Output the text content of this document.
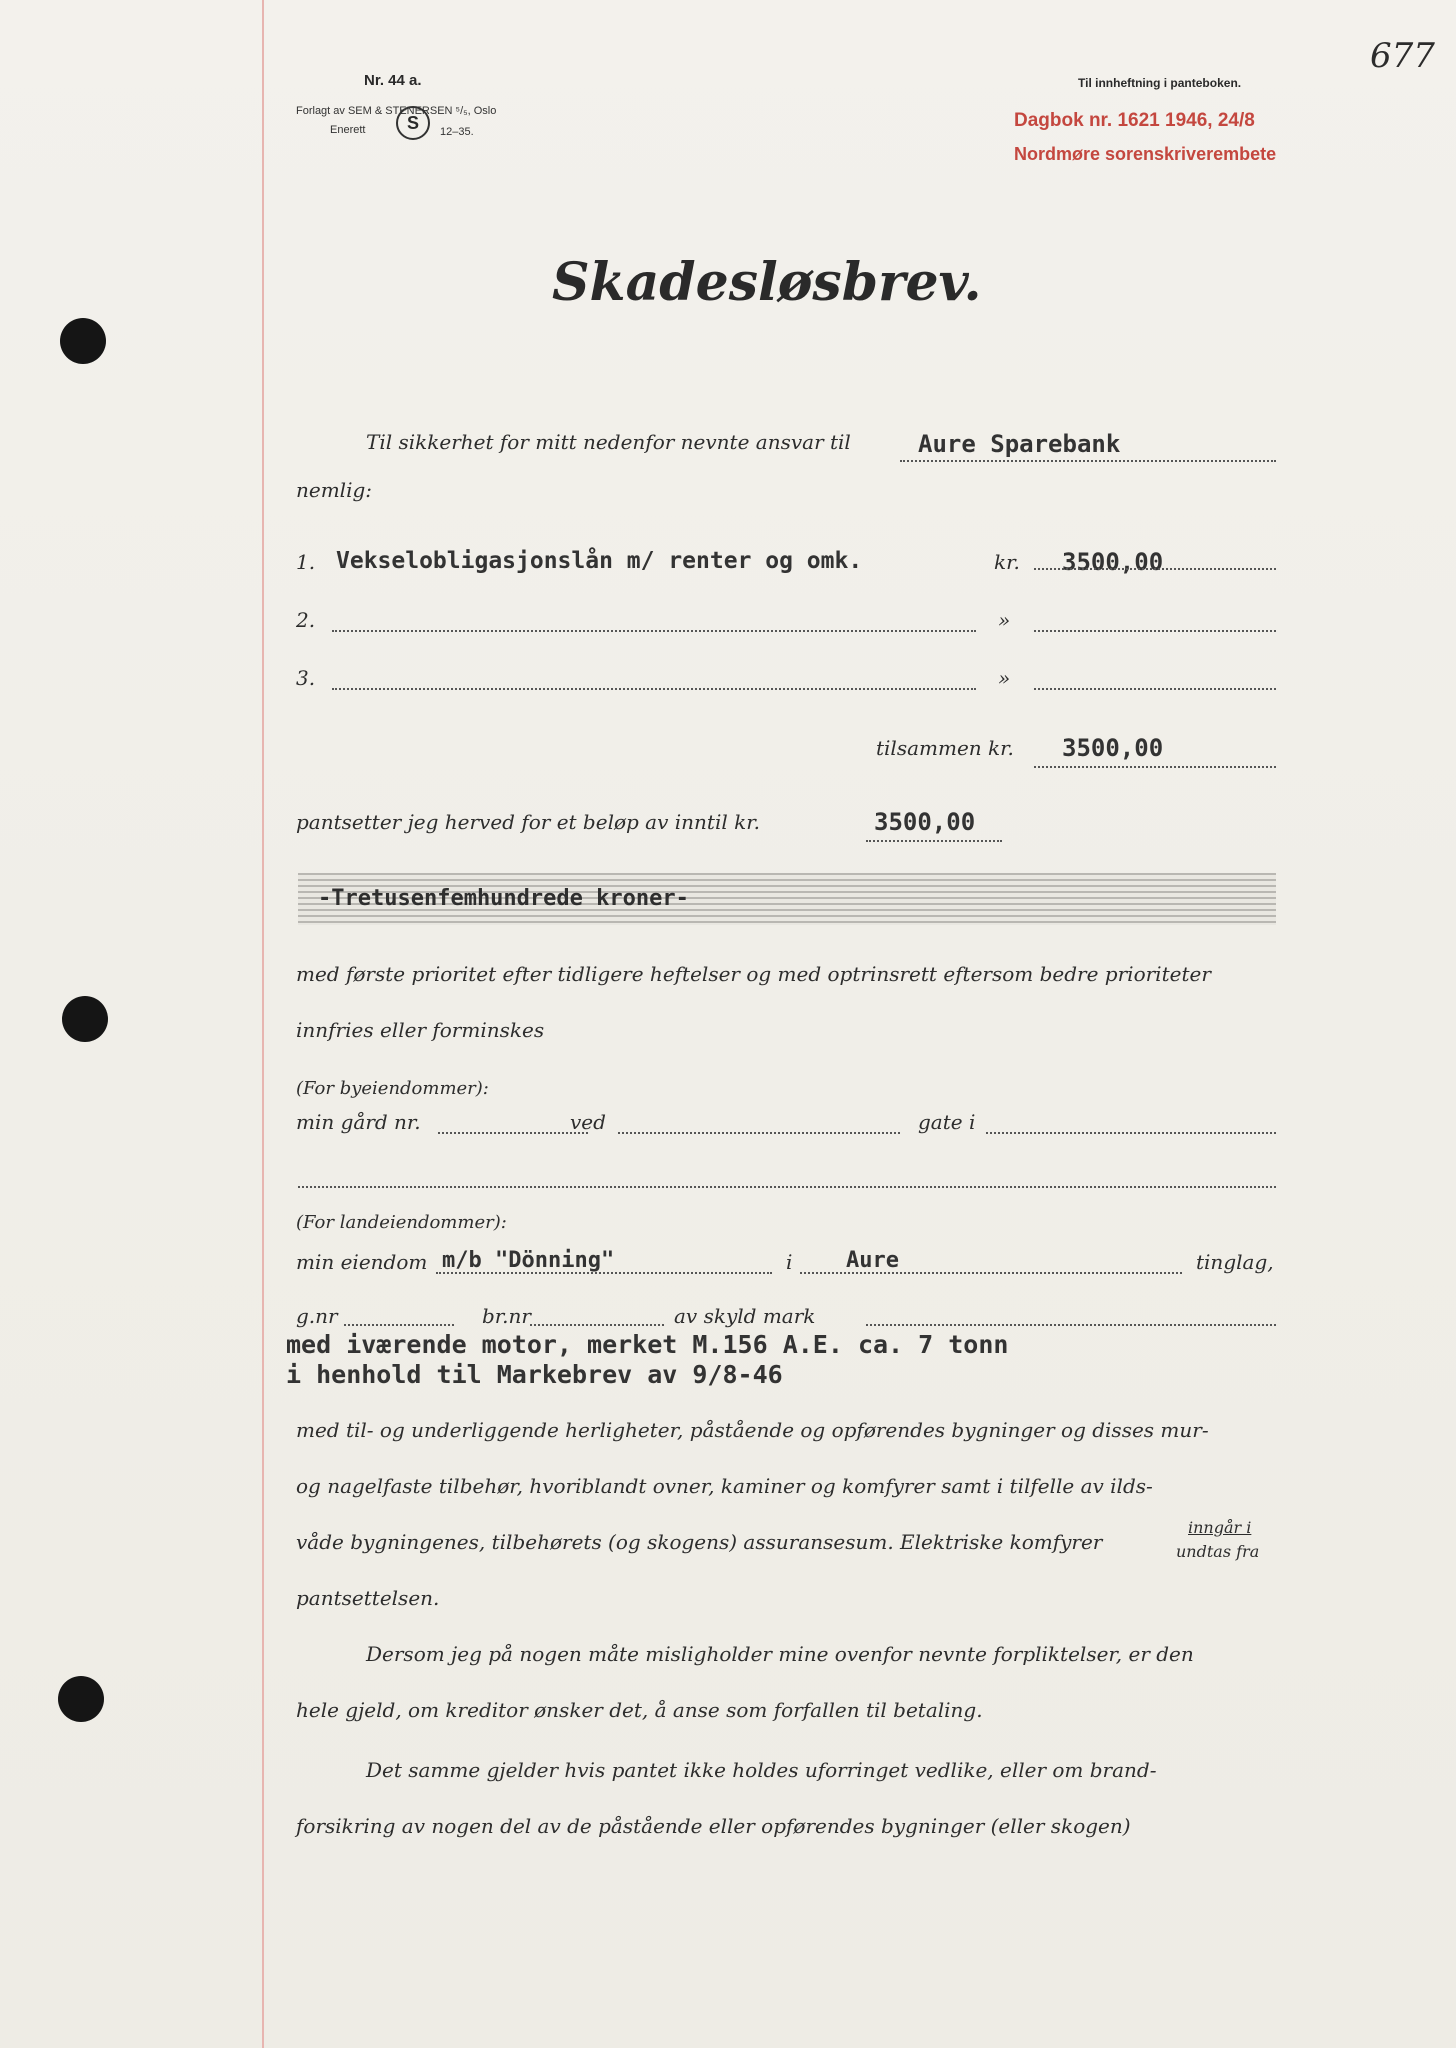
Nr. 44 a.
Forlagt av SEM & STENERSEN ⁵/₅, Oslo
Enerett	S	12–35.
Til innheftning i panteboken.
Dagbok nr. 1621 1946, 24/8
Nordmøre sorenskriverembete
677
Skadesløsbrev.
Til sikkerhet for mitt nedenfor nevnte ansvar til	Aure Sparebank
nemlig:
1. Vekselobligasjonslån m/ renter og omk.	kr. 3500,00
2.	»
3.	»
tilsammen kr. 3500,00
pantsetter jeg herved for et beløp av inntil kr.	3500,00
-Tretusenfemhundrede kroner-
med første prioritet efter tidligere heftelser og med optrinsrett eftersom bedre prioriteter
innfries eller forminskes
(For byeiendommer):
min gård nr.	ved	gate i
(For landeiendommer):
min eiendom m/b "Dönning"	i Aure	tinglag,
g.nr	br.nr	av skyld mark
med iværende motor, merket M.156 A.E. ca. 7 tonn
i henhold til Markebrev av 9/8-46
med til- og underliggende herligheter, påstående og opførendes bygninger og disses mur-
og nagelfaste tilbehør, hvoriblandt ovner, kaminer og komfyrer samt i tilfelle av ilds-
våde bygningenes, tilbehørets (og skogens) assuransesum. Elektriske komfyrer
inngår i
undtas fra
pantsettelsen.
Dersom jeg på nogen måte misligholder mine ovenfor nevnte forpliktelser, er den
hele gjeld, om kreditor ønsker det, å anse som forfallen til betaling.
Det samme gjelder hvis pantet ikke holdes uforringet vedlike, eller om brand-
forsikring av nogen del av de påstående eller opførendes bygninger (eller skogen)
